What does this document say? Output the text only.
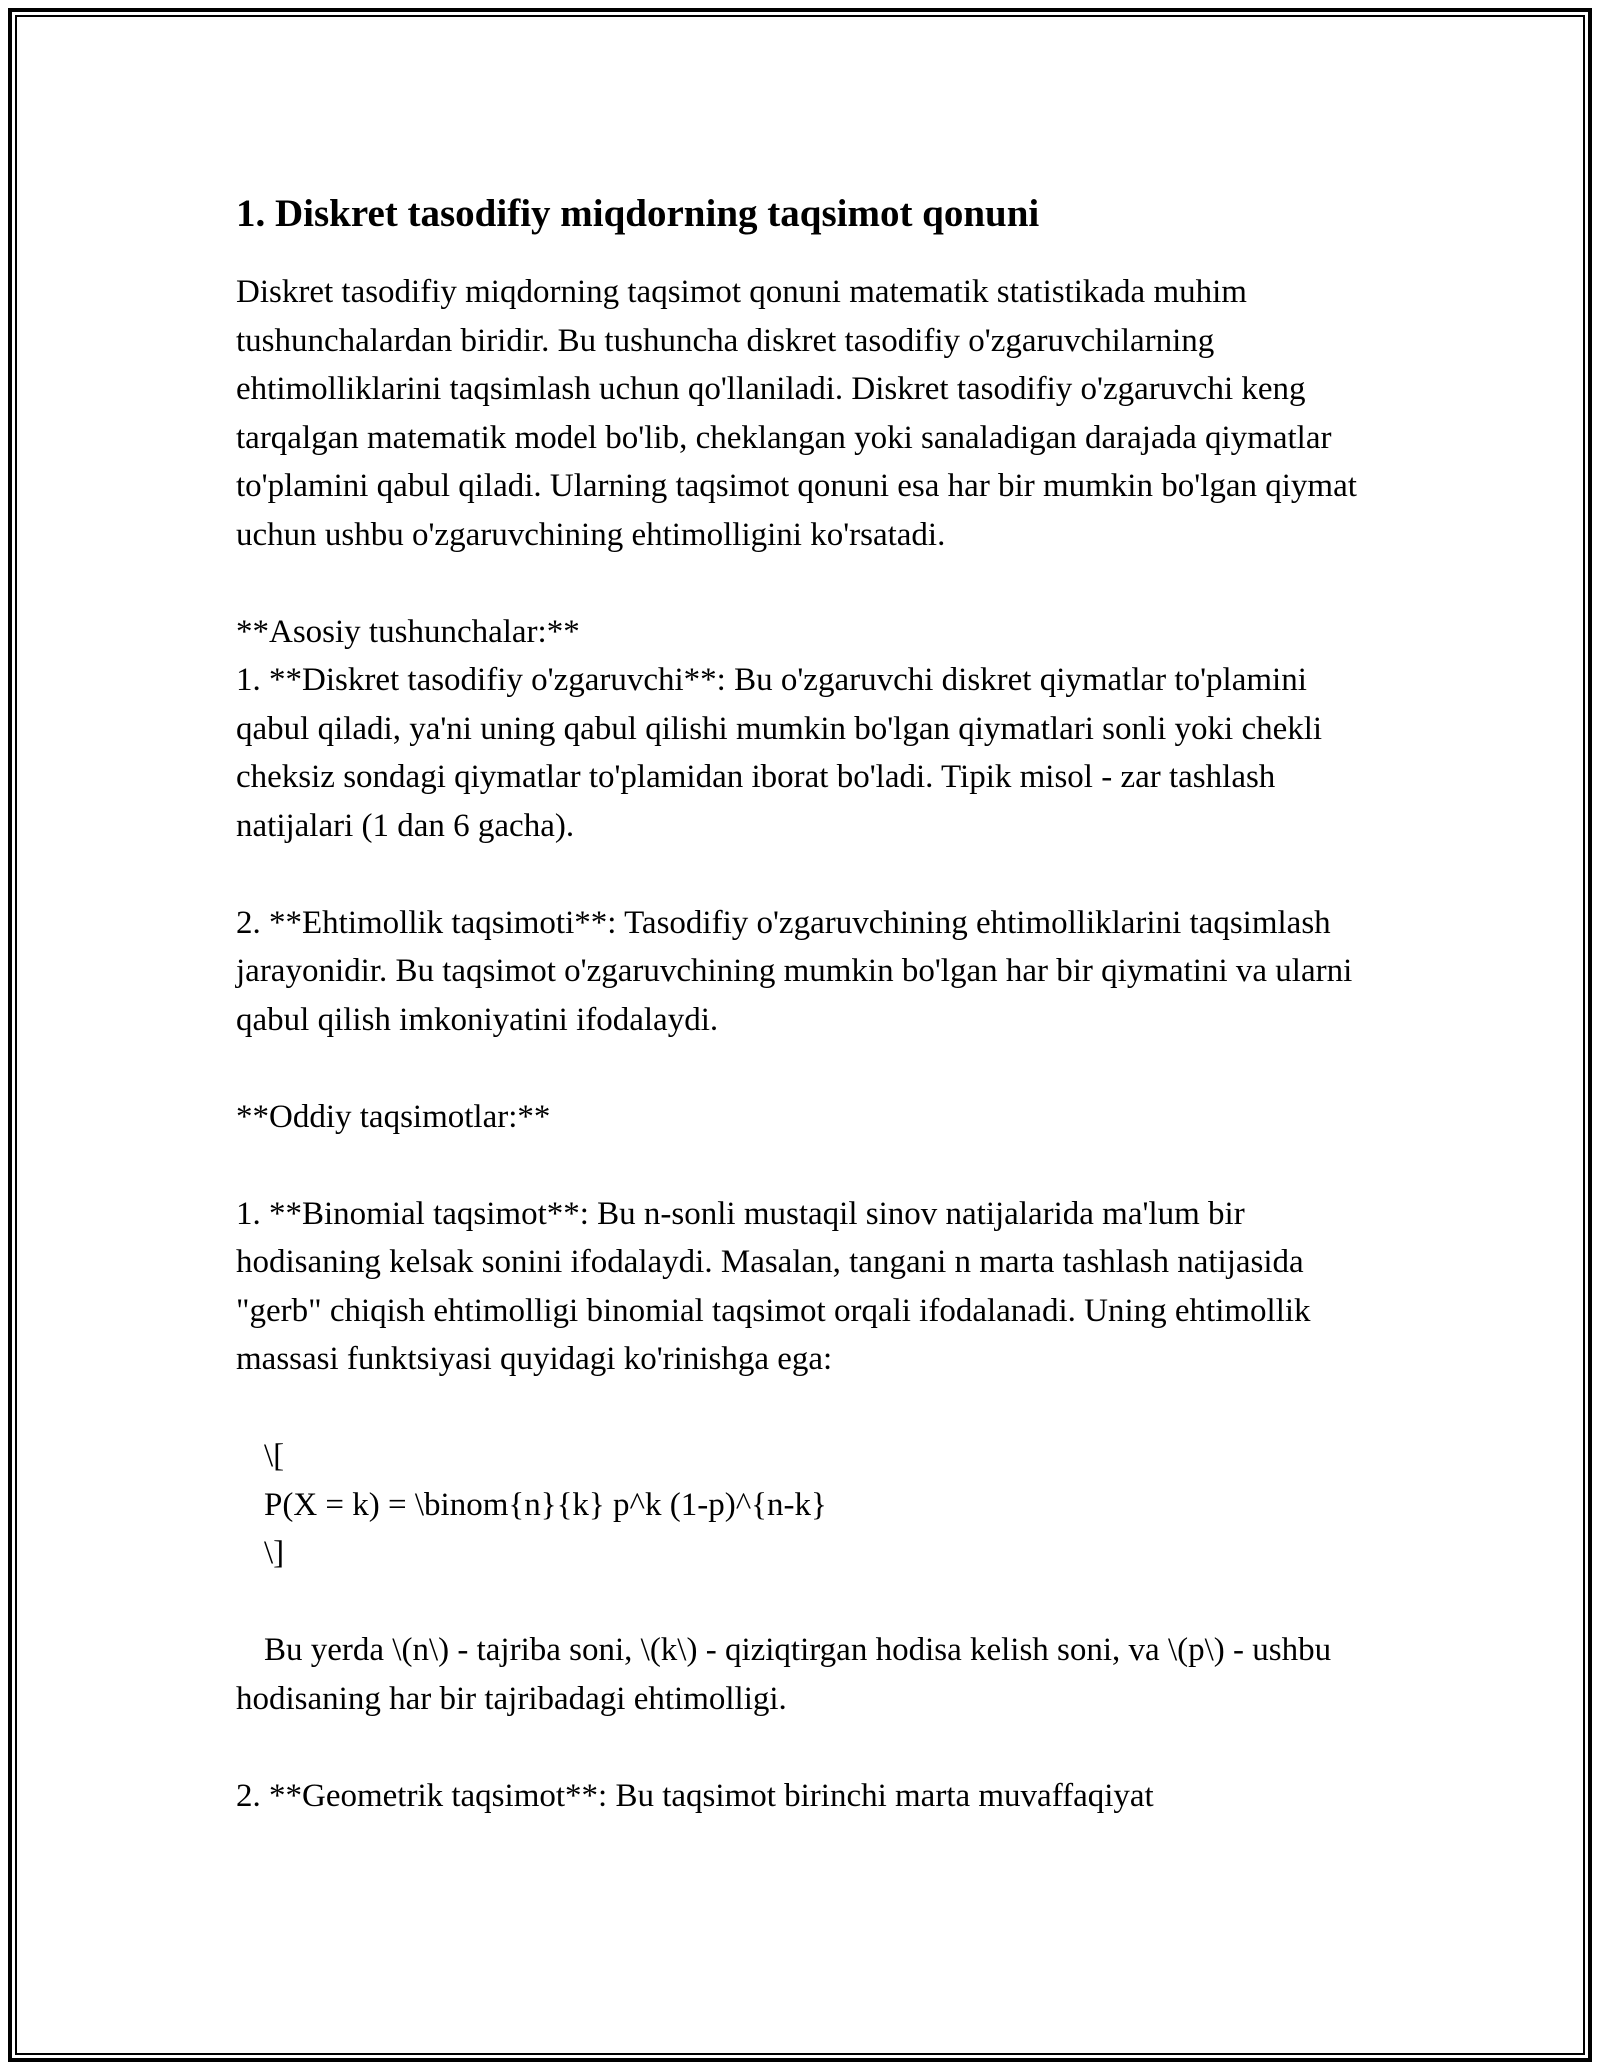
1. Diskret tasodifiy miqdorning taqsimot qonuni

Diskret tasodifiy miqdorning taqsimot qonuni matematik statistikada muhim tushunchalardan biridir. Bu tushuncha diskret tasodifiy o'zgaruvchilarning ehtimolliklarini taqsimlash uchun qo'llaniladi. Diskret tasodifiy o'zgaruvchi keng tarqalgan matematik model bo'lib, cheklangan yoki sanaladigan darajada qiymatlar to'plamini qabul qiladi. Ularning taqsimot qonuni esa har bir mumkin bo'lgan qiymat uchun ushbu o'zgaruvchining ehtimolligini ko'rsatadi.

**Asosiy tushunchalar:**

1. **Diskret tasodifiy o'zgaruvchi**: Bu o'zgaruvchi diskret qiymatlar to'plamini qabul qiladi, ya'ni uning qabul qilishi mumkin bo'lgan qiymatlari sonli yoki chekli cheksiz sondagi qiymatlar to'plamidan iborat bo'ladi. Tipik misol - zar tashlash natijalari (1 dan 6 gacha).

2. **Ehtimollik taqsimoti**: Tasodifiy o'zgaruvchining ehtimolliklarini taqsimlash jarayonidir. Bu taqsimot o'zgaruvchining mumkin bo'lgan har bir qiymatini va ularni qabul qilish imkoniyatini ifodalaydi.

**Oddiy taqsimotlar:**

1. **Binomial taqsimot**: Bu n-sonli mustaqil sinov natijalarida ma'lum bir hodisaning kelsak sonini ifodalaydi. Masalan, tangani n marta tashlash natijasida "gerb" chiqish ehtimolligi binomial taqsimot orqali ifodalanadi. Uning ehtimollik massasi funktsiyasi quyidagi ko'rinishga ega:

\[

P(X = k) = \binom{n}{k} p^k (1-p)^{n-k}

\]

Bu yerda \(n\) - tajriba soni, \(k\) - qiziqtirgan hodisa kelish soni, va \(p\) - ushbu hodisaning har bir tajribadagi ehtimolligi.

2. **Geometrik taqsimot**: Bu taqsimot birinchi marta muvaffaqiyat
